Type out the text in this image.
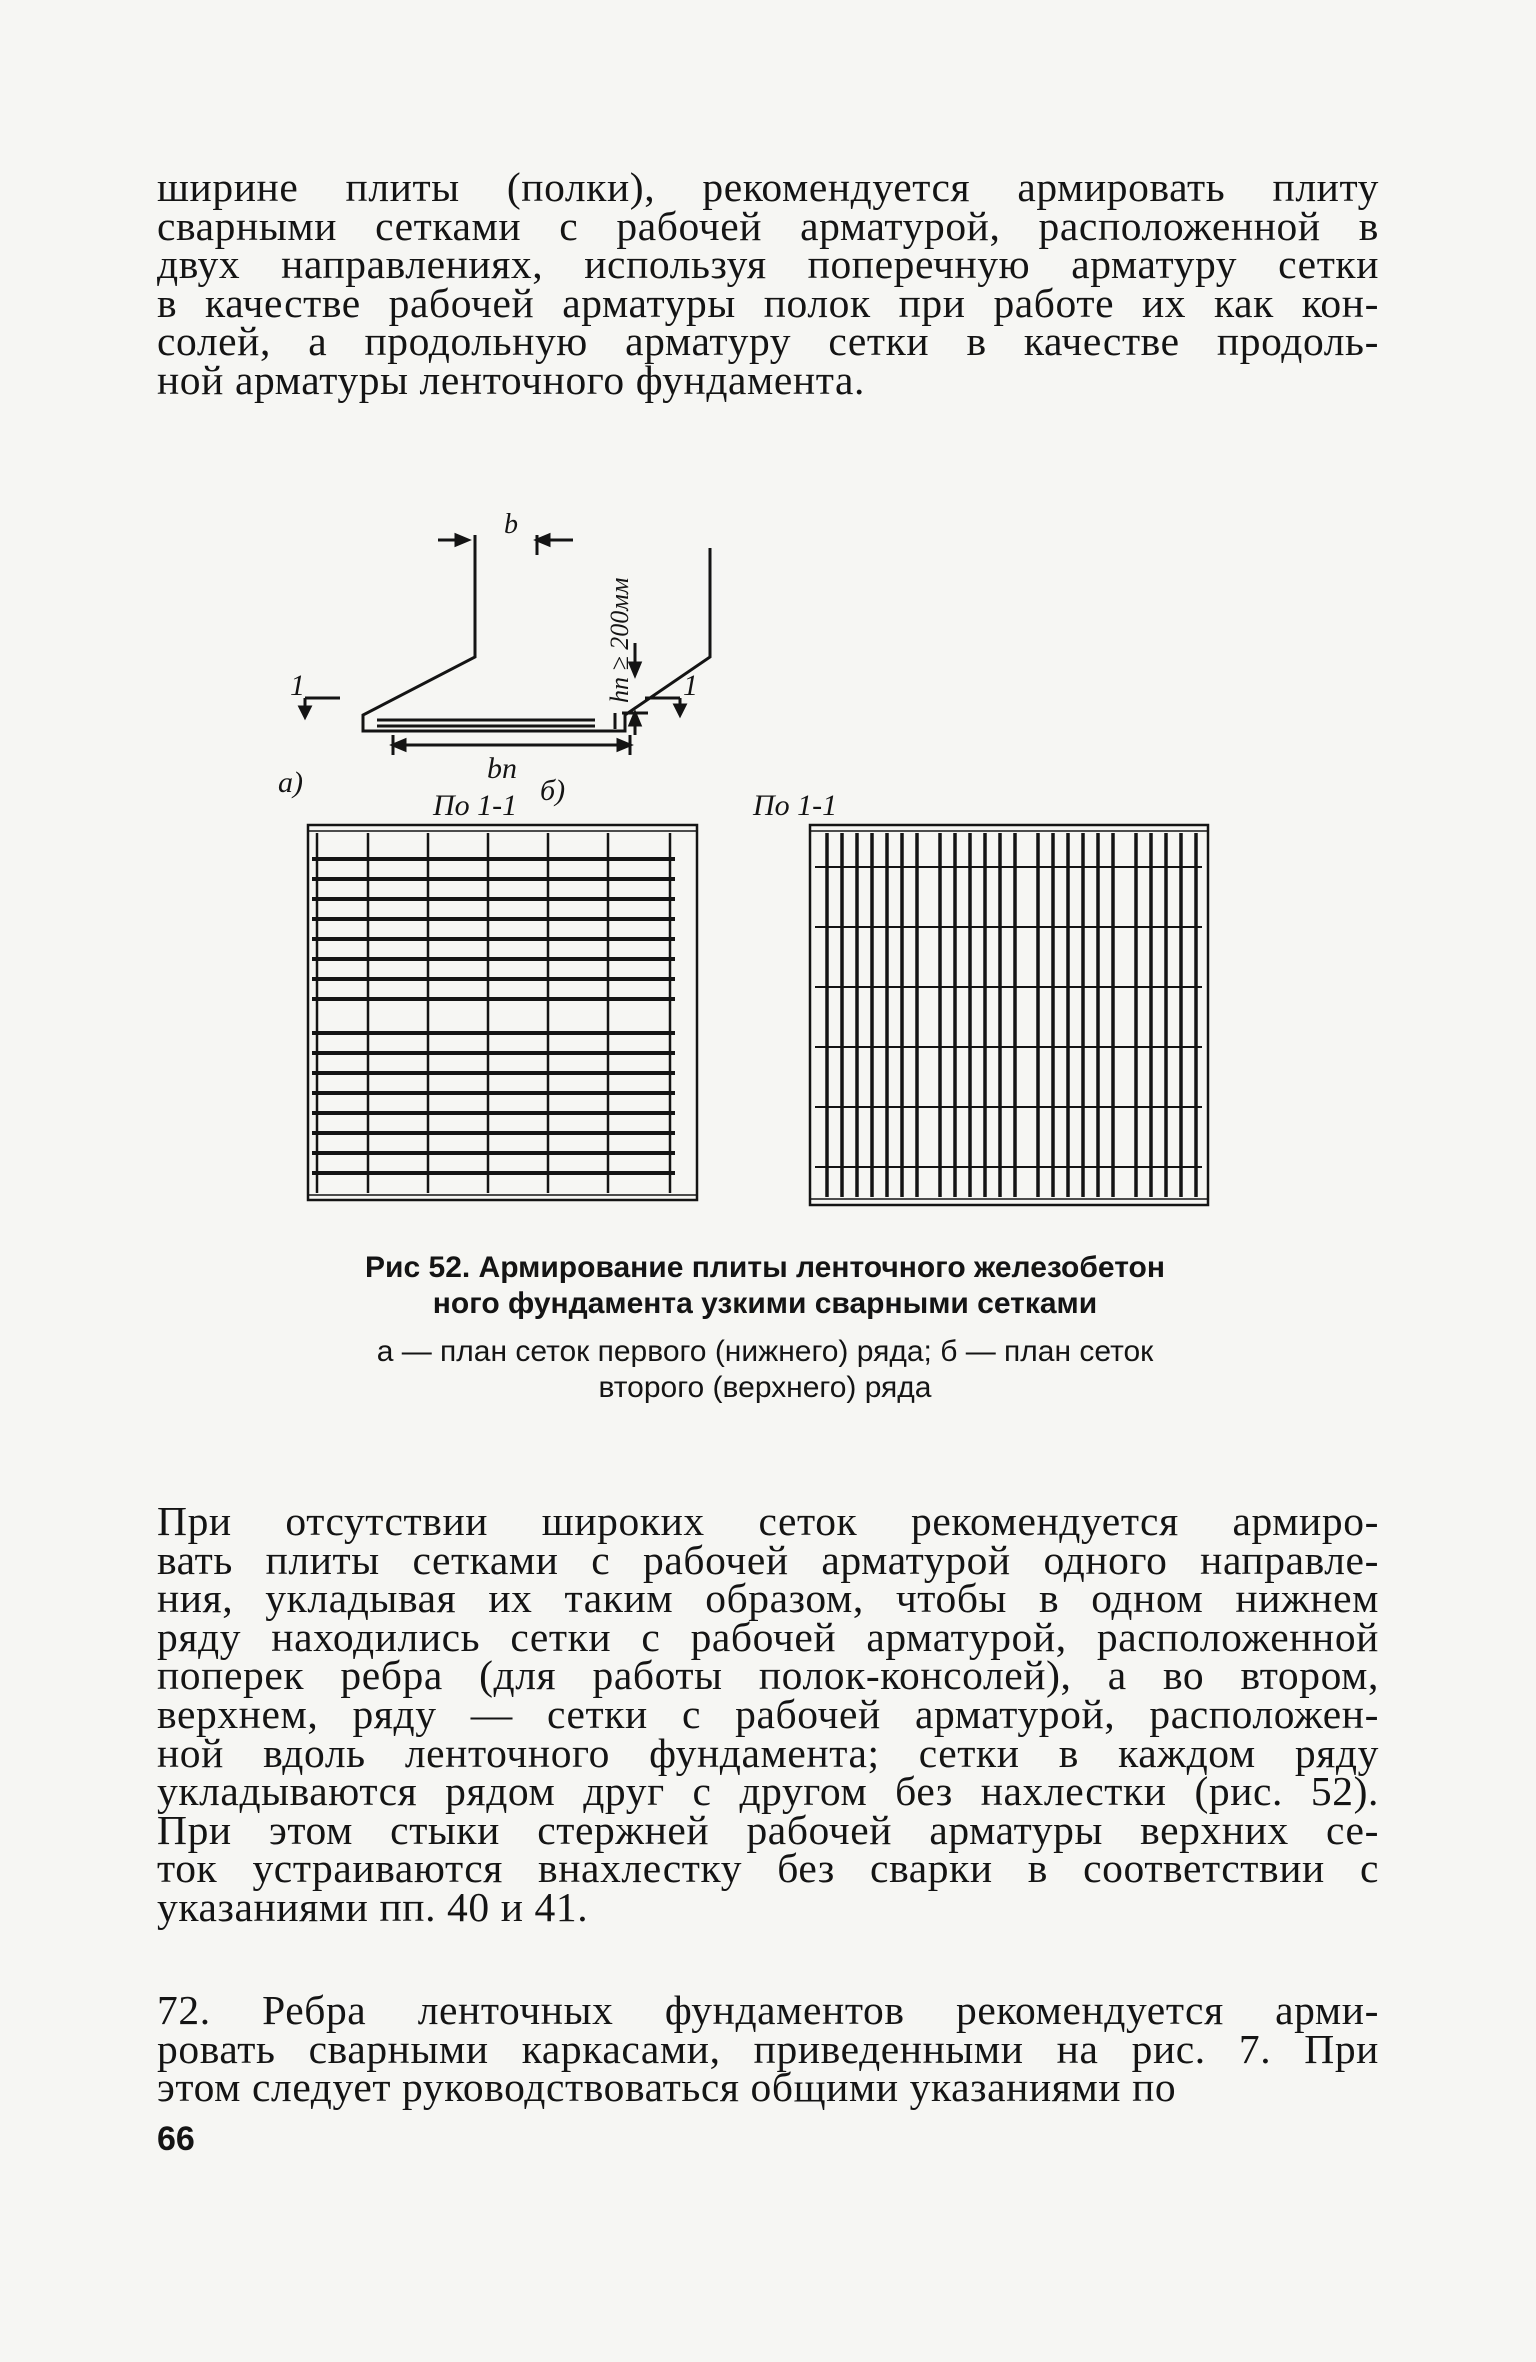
ширине плиты (полки), рекомендуется армировать плиту
сварными сетками с рабочей арматурой, расположенной в
двух направлениях, используя поперечную арматуру сетки
в качестве рабочей арматуры полок при работе их как кон-
солей, а продольную арматуру сетки в качестве продоль-
ной арматуры ленточного фундамента.
b
bп
hп ≥ 200мм
1	1
а)	б)
По 1-1	По 1-1

Рис 52. Армирование плиты ленточного железобетон
ного фундамента узкими сварными сетками

а — план сеток первого (нижнего) ряда; б — план сеток
второго (верхнего) ряда

При отсутствии широких сеток рекомендуется армиро-
вать плиты сетками с рабочей арматурой одного направле-
ния, укладывая их таким образом, чтобы в одном нижнем
ряду находились сетки с рабочей арматурой, расположенной
поперек ребра (для работы полок-консолей), а во втором,
верхнем, ряду — сетки с рабочей арматурой, расположен-
ной вдоль ленточного фундамента; сетки в каждом ряду
укладываются рядом друг с другом без нахлестки (рис. 52).
При этом стыки стержней рабочей арматуры верхних се-
ток устраиваются внахлестку без сварки в соответствии с
указаниями пп. 40 и 41.
72. Ребра ленточных фундаментов рекомендуется арми-
ровать сварными каркасами, приведенными на рис. 7. При
этом следует руководствоваться общими указаниями по

66
